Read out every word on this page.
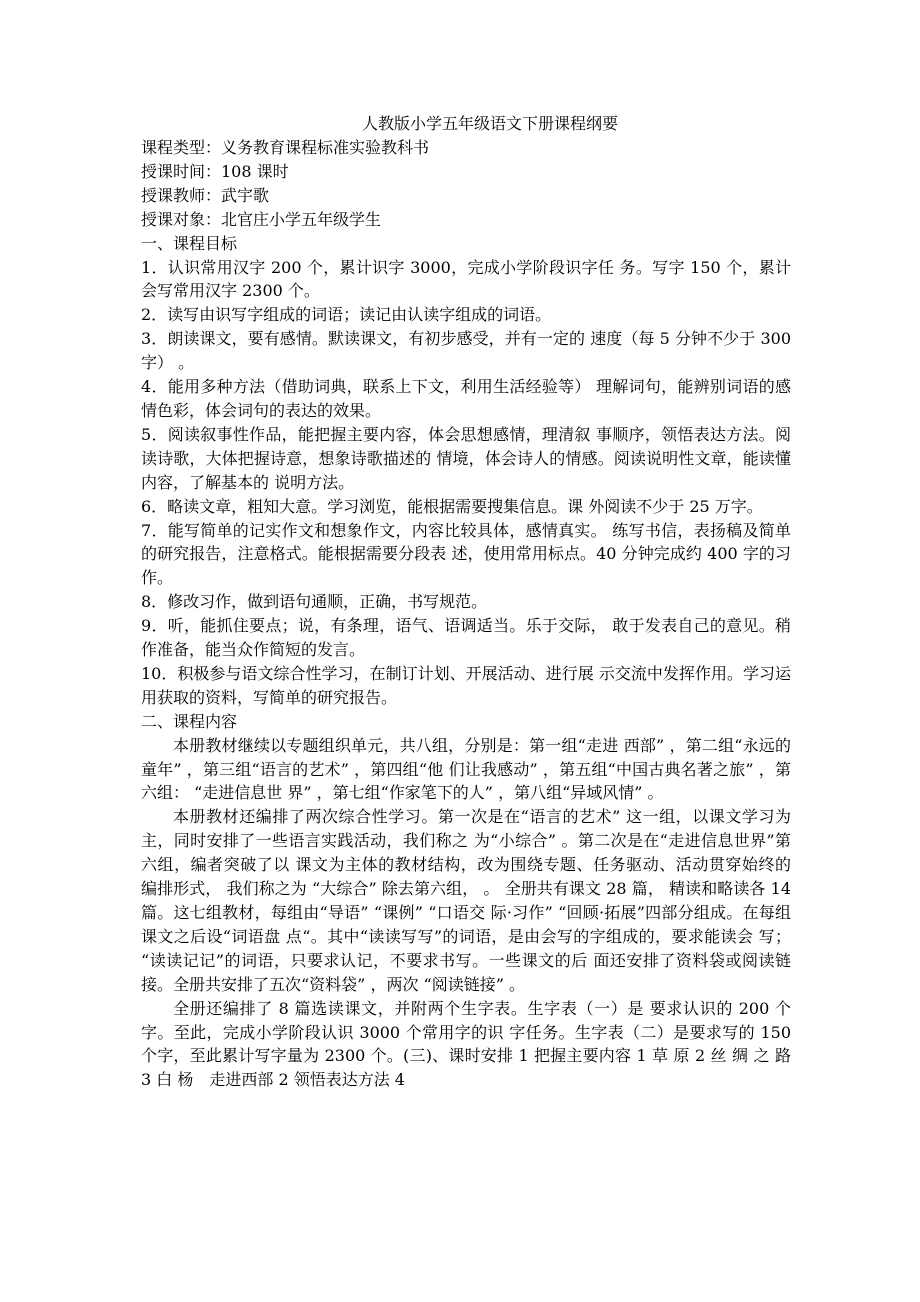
人教版小学五年级语文下册课程纲要

课程类型：义务教育课程标准实验教科书

授课时间：108 课时

授课教师：武宇歌

授课对象：北官庄小学五年级学生

一、课程目标

1．认识常用汉字 200 个，累计识字 3000，完成小学阶段识字任 务。写字 150 个，累计会写常用汉字 2300 个。

2．读写由识写字组成的词语；读记由认读字组成的词语。

3．朗读课文，要有感情。默读课文，有初步感受，并有一定的 速度（每 5 分钟不少于 300 字） 。

4．能用多种方法（借助词典，联系上下文，利用生活经验等） 理解词句，能辨别词语的感情色彩，体会词句的表达的效果。

5．阅读叙事性作品，能把握主要内容，体会思想感情，理清叙 事顺序，领悟表达方法。阅读诗歌，大体把握诗意，想象诗歌描述的 情境，体会诗人的情感。阅读说明性文章，能读懂内容，了解基本的 说明方法。

6．略读文章，粗知大意。学习浏览，能根据需要搜集信息。课 外阅读不少于 25 万字。

7．能写简单的记实作文和想象作文，内容比较具体，感情真实。 练写书信，表扬稿及简单的研究报告，注意格式。能根据需要分段表 述，使用常用标点。40 分钟完成约 400 字的习作。

8．修改习作，做到语句通顺，正确，书写规范。

9．听，能抓住要点；说，有条理，语气、语调适当。乐于交际， 敢于发表自己的意见。稍作准备，能当众作简短的发言。

10．积极参与语文综合性学习，在制订计划、开展活动、进行展 示交流中发挥作用。学习运用获取的资料，写简单的研究报告。

二、课程内容

本册教材继续以专题组织单元，共八组，分别是：第一组“走进 西部” ，第二组“永远的童年” ，第三组“语言的艺术” ，第四组“他 们让我感动” ，第五组“中国古典名著之旅” ，第六组： “走进信息世 界” ，第七组“作家笔下的人” ，第八组“异域风情” 。

本册教材还编排了两次综合性学习。第一次是在“语言的艺术” 这一组，以课文学习为主，同时安排了一些语言实践活动，我们称之 为“小综合” 。第二次是在“走进信息世界”第六组，编者突破了以 课文为主体的教材结构，改为围绕专题、任务驱动、活动贯穿始终的 编排形式， 我们称之为 “大综合” 除去第六组， 。 全册共有课文 28 篇， 精读和略读各 14 篇。这七组教材，每组由“导语” “课例” “口语交 际·习作” “回顾·拓展”四部分组成。在每组课文之后设“词语盘 点“。其中“读读写写”的词语，是由会写的字组成的，要求能读会 写； “读读记记”的词语，只要求认记，不要求书写。一些课文的后 面还安排了资料袋或阅读链接。全册共安排了五次“资料袋” ，两次 “阅读链接” 。

全册还编排了 8 篇选读课文，并附两个生字表。生字表（一）是 要求认识的 200 个字。至此，完成小学阶段认识 3000 个常用字的识 字任务。生字表（二）是要求写的 150 个字，至此累计写字量为 2300 个。(三)、课时安排 1 把握主要内容 1 草 原 2 丝 绸 之 路 3 白 杨　走进西部 2 领悟表达方法 4
